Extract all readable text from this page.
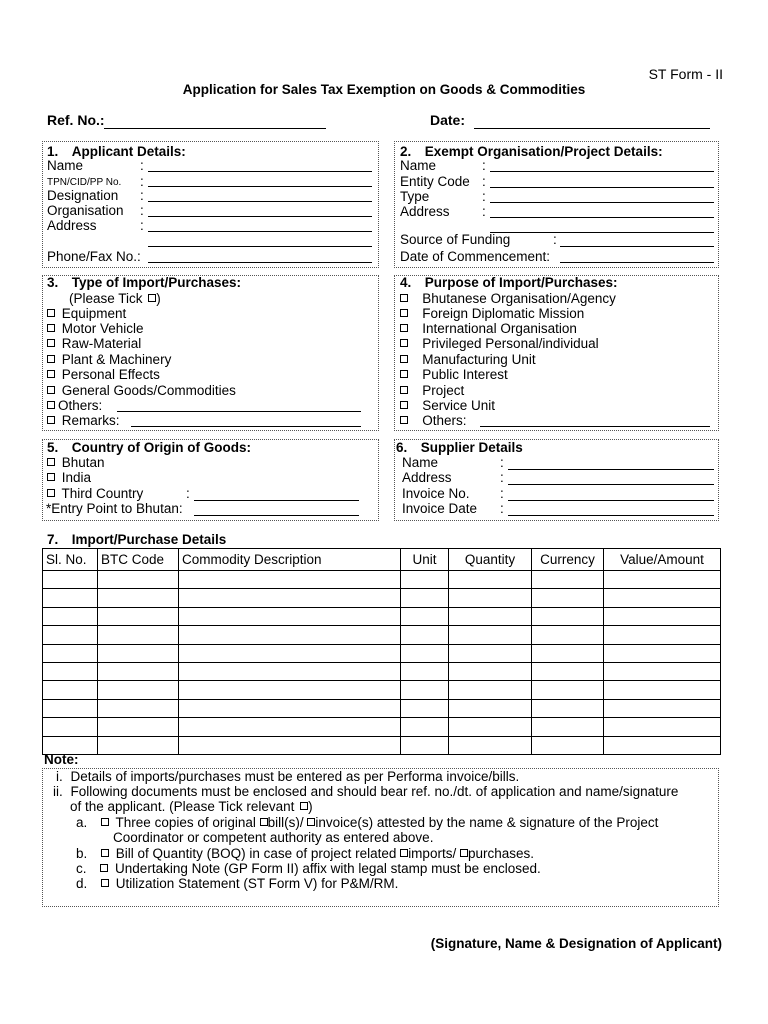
ST Form - II
Application for Sales Tax Exemption on Goods & Commodities
Ref. No.:	Date:
1. Applicant Details:
Name	:
TPN/CID/PP No. :
Designation :
Organisation :
Address	:
Phone/Fax No.:
2. Exempt Organisation/Project Details:
Name	:
Entity Code :
Type	:
Address :
Source of Funding	:
Date of Commencement:
3. Type of Import/Purchases:
(Please Tick )
Equipment
Motor Vehicle
Raw-Material
Plant & Machinery
Personal Effects
General Goods/Commodities
Others:
Remarks:
4. Purpose of Import/Purchases:
Bhutanese Organisation/Agency
Foreign Diplomatic Mission
International Organisation
Privileged Personal/individual
Manufacturing Unit
Public Interest
Project
Service Unit
Others:
5. Country of Origin of Goods:
Bhutan
India
Third Country	:
*Entry Point to Bhutan:
6. Supplier Details
Name	:
Address	:
Invoice No. :
Invoice Date :
7. Import/Purchase Details
Sl. No.	BTC Code	Commodity Description	Unit	Quantity	Currency	Value/Amount

Note:
i. Details of imports/purchases must be entered as per Performa invoice/bills.
ii. Following documents must be enclosed and should bear ref. no./dt. of application and name/signature
of the applicant. (Please Tick relevant )
a. Three copies of original bill(s)/ invoice(s) attested by the name & signature of the Project
Coordinator or competent authority as entered above.
b. Bill of Quantity (BOQ) in case of project related imports/ purchases.
c. Undertaking Note (GP Form II) affix with legal stamp must be enclosed.
d. Utilization Statement (ST Form V) for P&M/RM.
(Signature, Name & Designation of Applicant)
